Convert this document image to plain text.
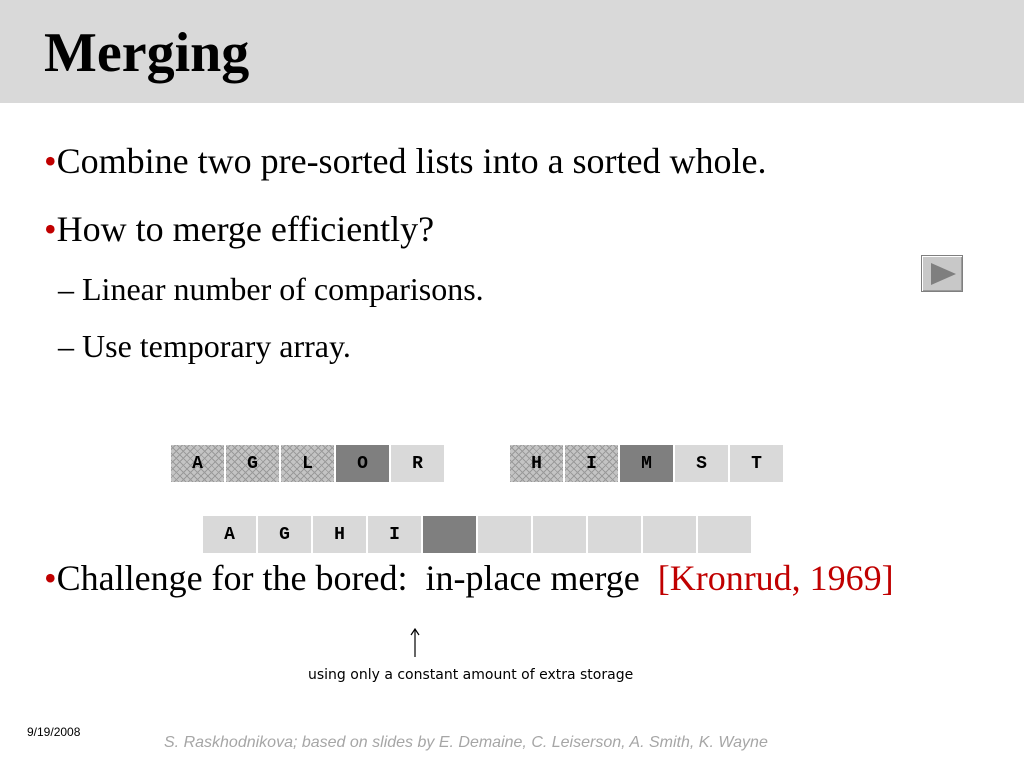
Merging
•Combine two pre-sorted lists into a sorted whole.
•How to merge efficiently?
– Linear number of comparisons.
– Use temporary array.
A	G	L	O	R	H	I	M	S	T
A	G	H	I
•Challenge for the bored:  in-place merge  [Kronrud, 1969]
using only a constant amount of extra storage
9/19/2008
S. Raskhodnikova; based on slides by E. Demaine, C. Leiserson, A. Smith, K. Wayne
